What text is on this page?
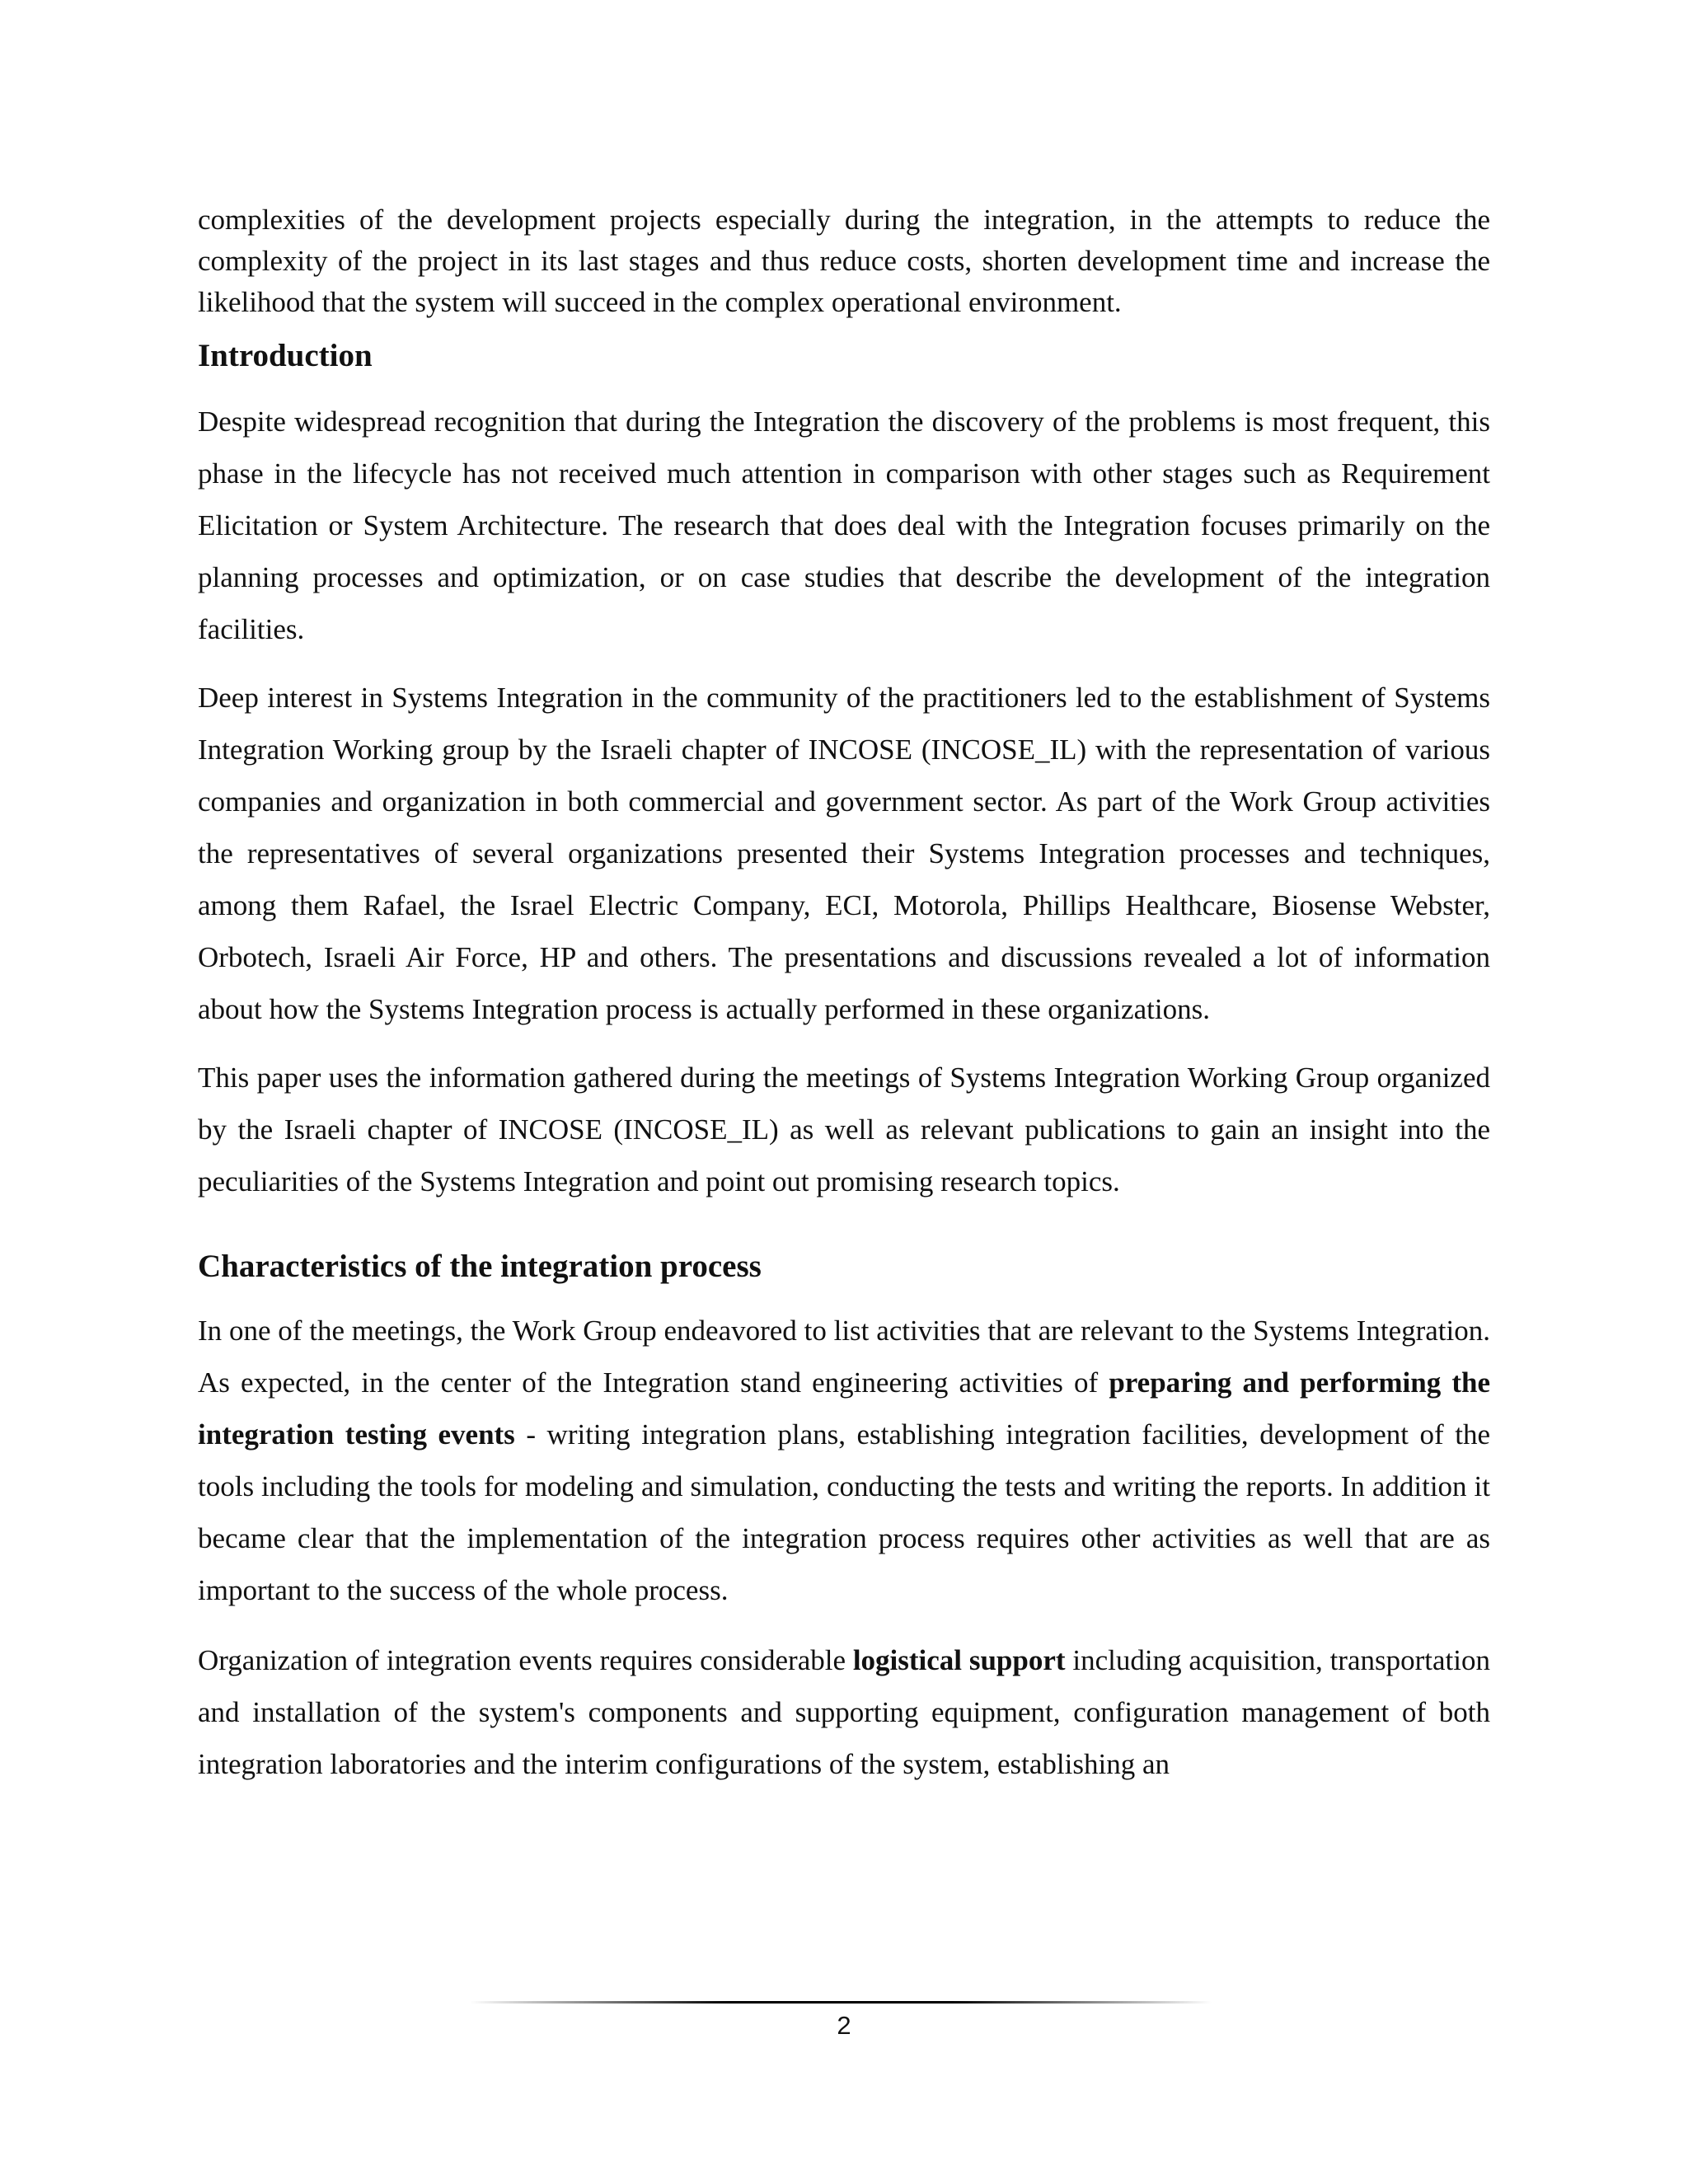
complexities of the development projects especially during the integration, in the attempts to reduce the complexity of the project in its last stages and thus reduce costs, shorten development time and increase the likelihood that the system will succeed in the complex operational environment.

Introduction

Despite widespread recognition that during the Integration the discovery of the problems is most frequent, this phase in the lifecycle has not received much attention in comparison with other stages such as Requirement Elicitation or System Architecture. The research that does deal with the Integration focuses primarily on the planning processes and optimization, or on case studies that describe the development of the integration facilities.

Deep interest in Systems Integration in the community of the practitioners led to the establishment of Systems Integration Working group by the Israeli chapter of INCOSE (INCOSE_IL) with the representation of various companies and organization in both commercial and government sector. As part of the Work Group activities the representatives of several organizations presented their Systems Integration processes and techniques, among them Rafael, the Israel Electric Company, ECI, Motorola, Phillips Healthcare, Biosense Webster, Orbotech, Israeli Air Force, HP and others. The presentations and discussions revealed a lot of information about how the Systems Integration process is actually performed in these organizations.

This paper uses the information gathered during the meetings of Systems Integration Working Group organized by the Israeli chapter of INCOSE (INCOSE_IL) as well as relevant publications to gain an insight into the peculiarities of the Systems Integration and point out promising research topics.

Characteristics of the integration process

In one of the meetings, the Work Group endeavored to list activities that are relevant to the Systems Integration. As expected, in the center of the Integration stand engineering activities of preparing and performing the integration testing events - writing integration plans, establishing integration facilities, development of the tools including the tools for modeling and simulation, conducting the tests and writing the reports. In addition it became clear that the implementation of the integration process requires other activities as well that are as important to the success of the whole process.

Organization of integration events requires considerable logistical support including acquisition, transportation and installation of the system's components and supporting equipment, configuration management of both integration laboratories and the interim configurations of the system, establishing an

2
